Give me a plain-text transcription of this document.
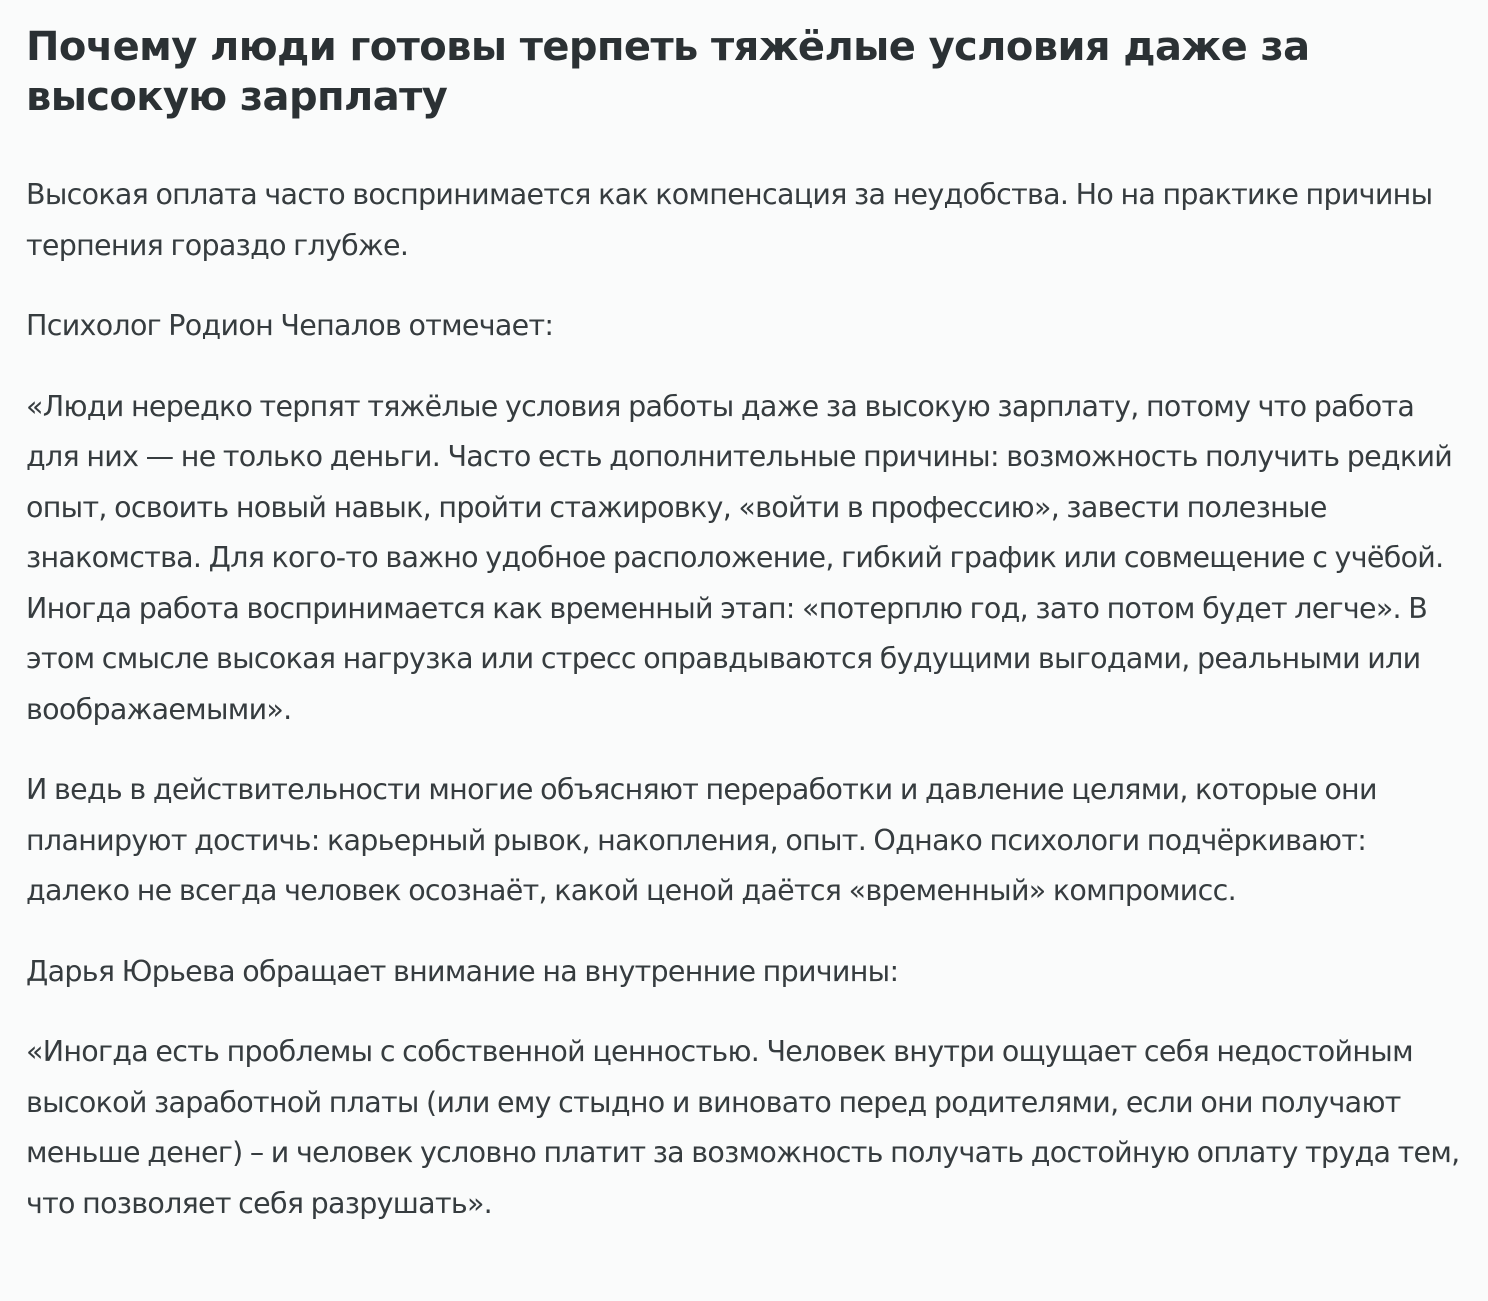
Почему люди готовы терпеть тяжёлые условия даже за высокую зарплату

Высокая оплата часто воспринимается как компенсация за неудобства. Но на практике причины терпения гораздо глубже.

Психолог Родион Чепалов отмечает:

«Люди нередко терпят тяжёлые условия работы даже за высокую зарплату, потому что работа для них — не только деньги. Часто есть дополнительные причины: возможность получить редкий опыт, освоить новый навык, пройти стажировку, «войти в профессию», завести полезные знакомства. Для кого-то важно удобное расположение, гибкий график или совмещение с учёбой. Иногда работа воспринимается как временный этап: «потерплю год, зато потом будет легче». В этом смысле высокая нагрузка или стресс оправдываются будущими выгодами, реальными или воображаемыми».

И ведь в действительности многие объясняют переработки и давление целями, которые они планируют достичь: карьерный рывок, накопления, опыт. Однако психологи подчёркивают: далеко не всегда человек осознаёт, какой ценой даётся «временный» компромисс.

Дарья Юрьева обращает внимание на внутренние причины:

«Иногда есть проблемы с собственной ценностью. Человек внутри ощущает себя недостойным высокой заработной платы (или ему стыдно и виновато перед родителями, если они получают меньше денег) – и человек условно платит за возможность получать достойную оплату труда тем, что позволяет себя разрушать».
